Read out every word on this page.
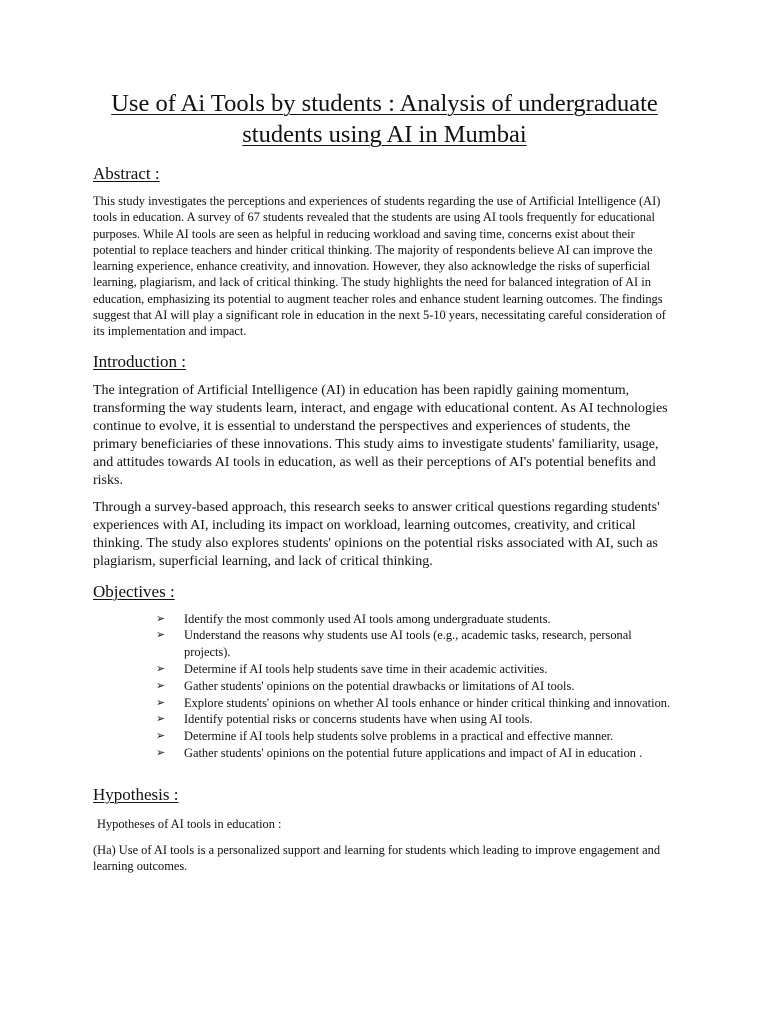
Use of Ai Tools by students : Analysis of undergraduate
students using AI in Mumbai
Abstract :

This study investigates the perceptions and experiences of students regarding the use of Artificial Intelligence (AI) tools in education. A survey of 67 students revealed that the students are using AI tools frequently for educational purposes. While AI tools are seen as helpful in reducing workload and saving time, concerns exist about their potential to replace teachers and hinder critical thinking. The majority of respondents believe AI can improve the learning experience, enhance creativity, and innovation. However, they also acknowledge the risks of superficial learning, plagiarism, and lack of critical thinking. The study highlights the need for balanced integration of AI in education, emphasizing its potential to augment teacher roles and enhance student learning outcomes. The findings suggest that AI will play a significant role in education in the next 5-10 years, necessitating careful consideration of its implementation and impact.

Introduction :

The integration of Artificial Intelligence (AI) in education has been rapidly gaining momentum, transforming the way students learn, interact, and engage with educational content. As AI technologies continue to evolve, it is essential to understand the perspectives and experiences of students, the primary beneficiaries of these innovations. This study aims to investigate students' familiarity, usage, and attitudes towards AI tools in education, as well as their perceptions of AI's potential benefits and risks.

Through a survey-based approach, this research seeks to answer critical questions regarding students' experiences with AI, including its impact on workload, learning outcomes, creativity, and critical thinking. The study also explores students' opinions on the potential risks associated with AI, such as plagiarism, superficial learning, and lack of critical thinking.

Objectives :
➢ Identify the most commonly used AI tools among undergraduate students.
➢ Understand the reasons why students use AI tools (e.g., academic tasks, research, personal projects).
➢ Determine if AI tools help students save time in their academic activities.
➢ Gather students' opinions on the potential drawbacks or limitations of AI tools.
➢ Explore students' opinions on whether AI tools enhance or hinder critical thinking and innovation.
➢ Identify potential risks or concerns students have when using AI tools.
➢ Determine if AI tools help students solve problems in a practical and effective manner.
➢ Gather students' opinions on the potential future applications and impact of AI in education .
Hypothesis :

Hypotheses of AI tools in education :

(Ha) Use of AI tools is a personalized support and learning for students which leading to improve engagement and learning outcomes.
